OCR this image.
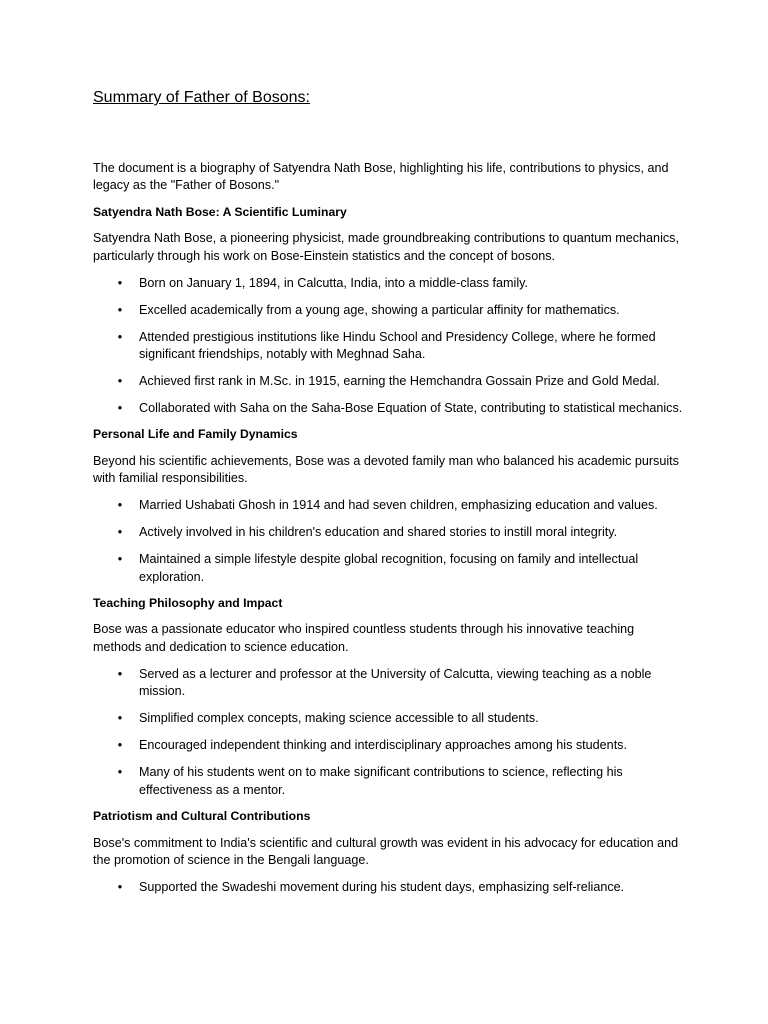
Summary of Father of Bosons:

The document is a biography of Satyendra Nath Bose, highlighting his life, contributions to physics, and legacy as the "Father of Bosons."

Satyendra Nath Bose: A Scientific Luminary

Satyendra Nath Bose, a pioneering physicist, made groundbreaking contributions to quantum mechanics, particularly through his work on Bose-Einstein statistics and the concept of bosons.

• Born on January 1, 1894, in Calcutta, India, into a middle-class family.
• Excelled academically from a young age, showing a particular affinity for mathematics.
• Attended prestigious institutions like Hindu School and Presidency College, where he formed significant friendships, notably with Meghnad Saha.
• Achieved first rank in M.Sc. in 1915, earning the Hemchandra Gossain Prize and Gold Medal.
• Collaborated with Saha on the Saha-Bose Equation of State, contributing to statistical mechanics.

Personal Life and Family Dynamics

Beyond his scientific achievements, Bose was a devoted family man who balanced his academic pursuits with familial responsibilities.

• Married Ushabati Ghosh in 1914 and had seven children, emphasizing education and values.
• Actively involved in his children's education and shared stories to instill moral integrity.
• Maintained a simple lifestyle despite global recognition, focusing on family and intellectual exploration.

Teaching Philosophy and Impact

Bose was a passionate educator who inspired countless students through his innovative teaching methods and dedication to science education.

• Served as a lecturer and professor at the University of Calcutta, viewing teaching as a noble mission.
• Simplified complex concepts, making science accessible to all students.
• Encouraged independent thinking and interdisciplinary approaches among his students.
• Many of his students went on to make significant contributions to science, reflecting his effectiveness as a mentor.

Patriotism and Cultural Contributions

Bose's commitment to India's scientific and cultural growth was evident in his advocacy for education and the promotion of science in the Bengali language.

• Supported the Swadeshi movement during his student days, emphasizing self-reliance.
